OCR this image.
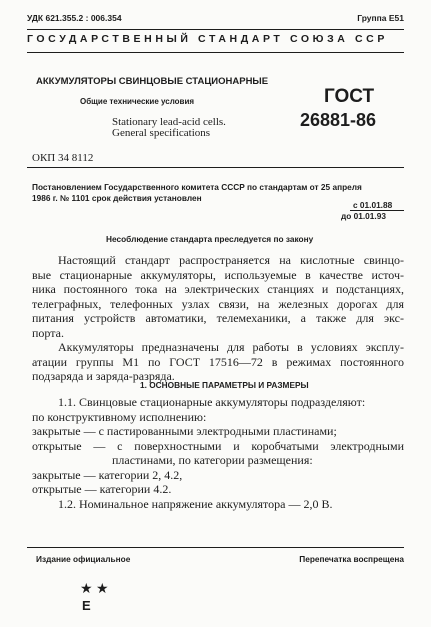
УДК 621.355.2 : 006.354	Группа Е51
ГОСУДАРСТВЕННЫЙ СТАНДАРТ СОЮЗА ССР
АККУМУЛЯТОРЫ СВИНЦОВЫЕ СТАЦИОНАРНЫЕ
Общие технические условия
Stationary lead-acid cells.
General specifications
ГОСТ
26881-86
ОКП 34 8112
Постановлением Государственного комитета СССР по стандартам от 25 апреля
1986 г. № 1101 срок действия установлен
с 01.01.88
до 01.01.93
Несоблюдение стандарта преследуется по закону
Настоящий стандарт распространяется на кислотные свинцо-
вые стационарные аккумуляторы, используемые в качестве источ-
ника постоянного тока на электрических станциях и подстанциях,
телеграфных, телефонных узлах связи, на железных дорогах для
питания устройств автоматики, телемеханики, а также для экс-
порта.
Аккумуляторы предназначены для работы в условиях эксплу-
атации группы М1 по ГОСТ 17516—72 в режимах постоянного
подзаряда и заряда-разряда.
1. ОСНОВНЫЕ ПАРАМЕТРЫ И РАЗМЕРЫ
1.1. Свинцовые стационарные аккумуляторы подразделяют:
по конструктивному исполнению:
закрытые — с пастированными электродными пластинами;
открытые — с поверхностными и коробчатыми электродными
пластинами, по категории размещения:
закрытые — категории 2, 4.2,
открытые — категории 4.2.
1.2. Номинальное напряжение аккумулятора — 2,0 В.
Издание официальное	Перепечатка воспрещена
★ ★
Е
